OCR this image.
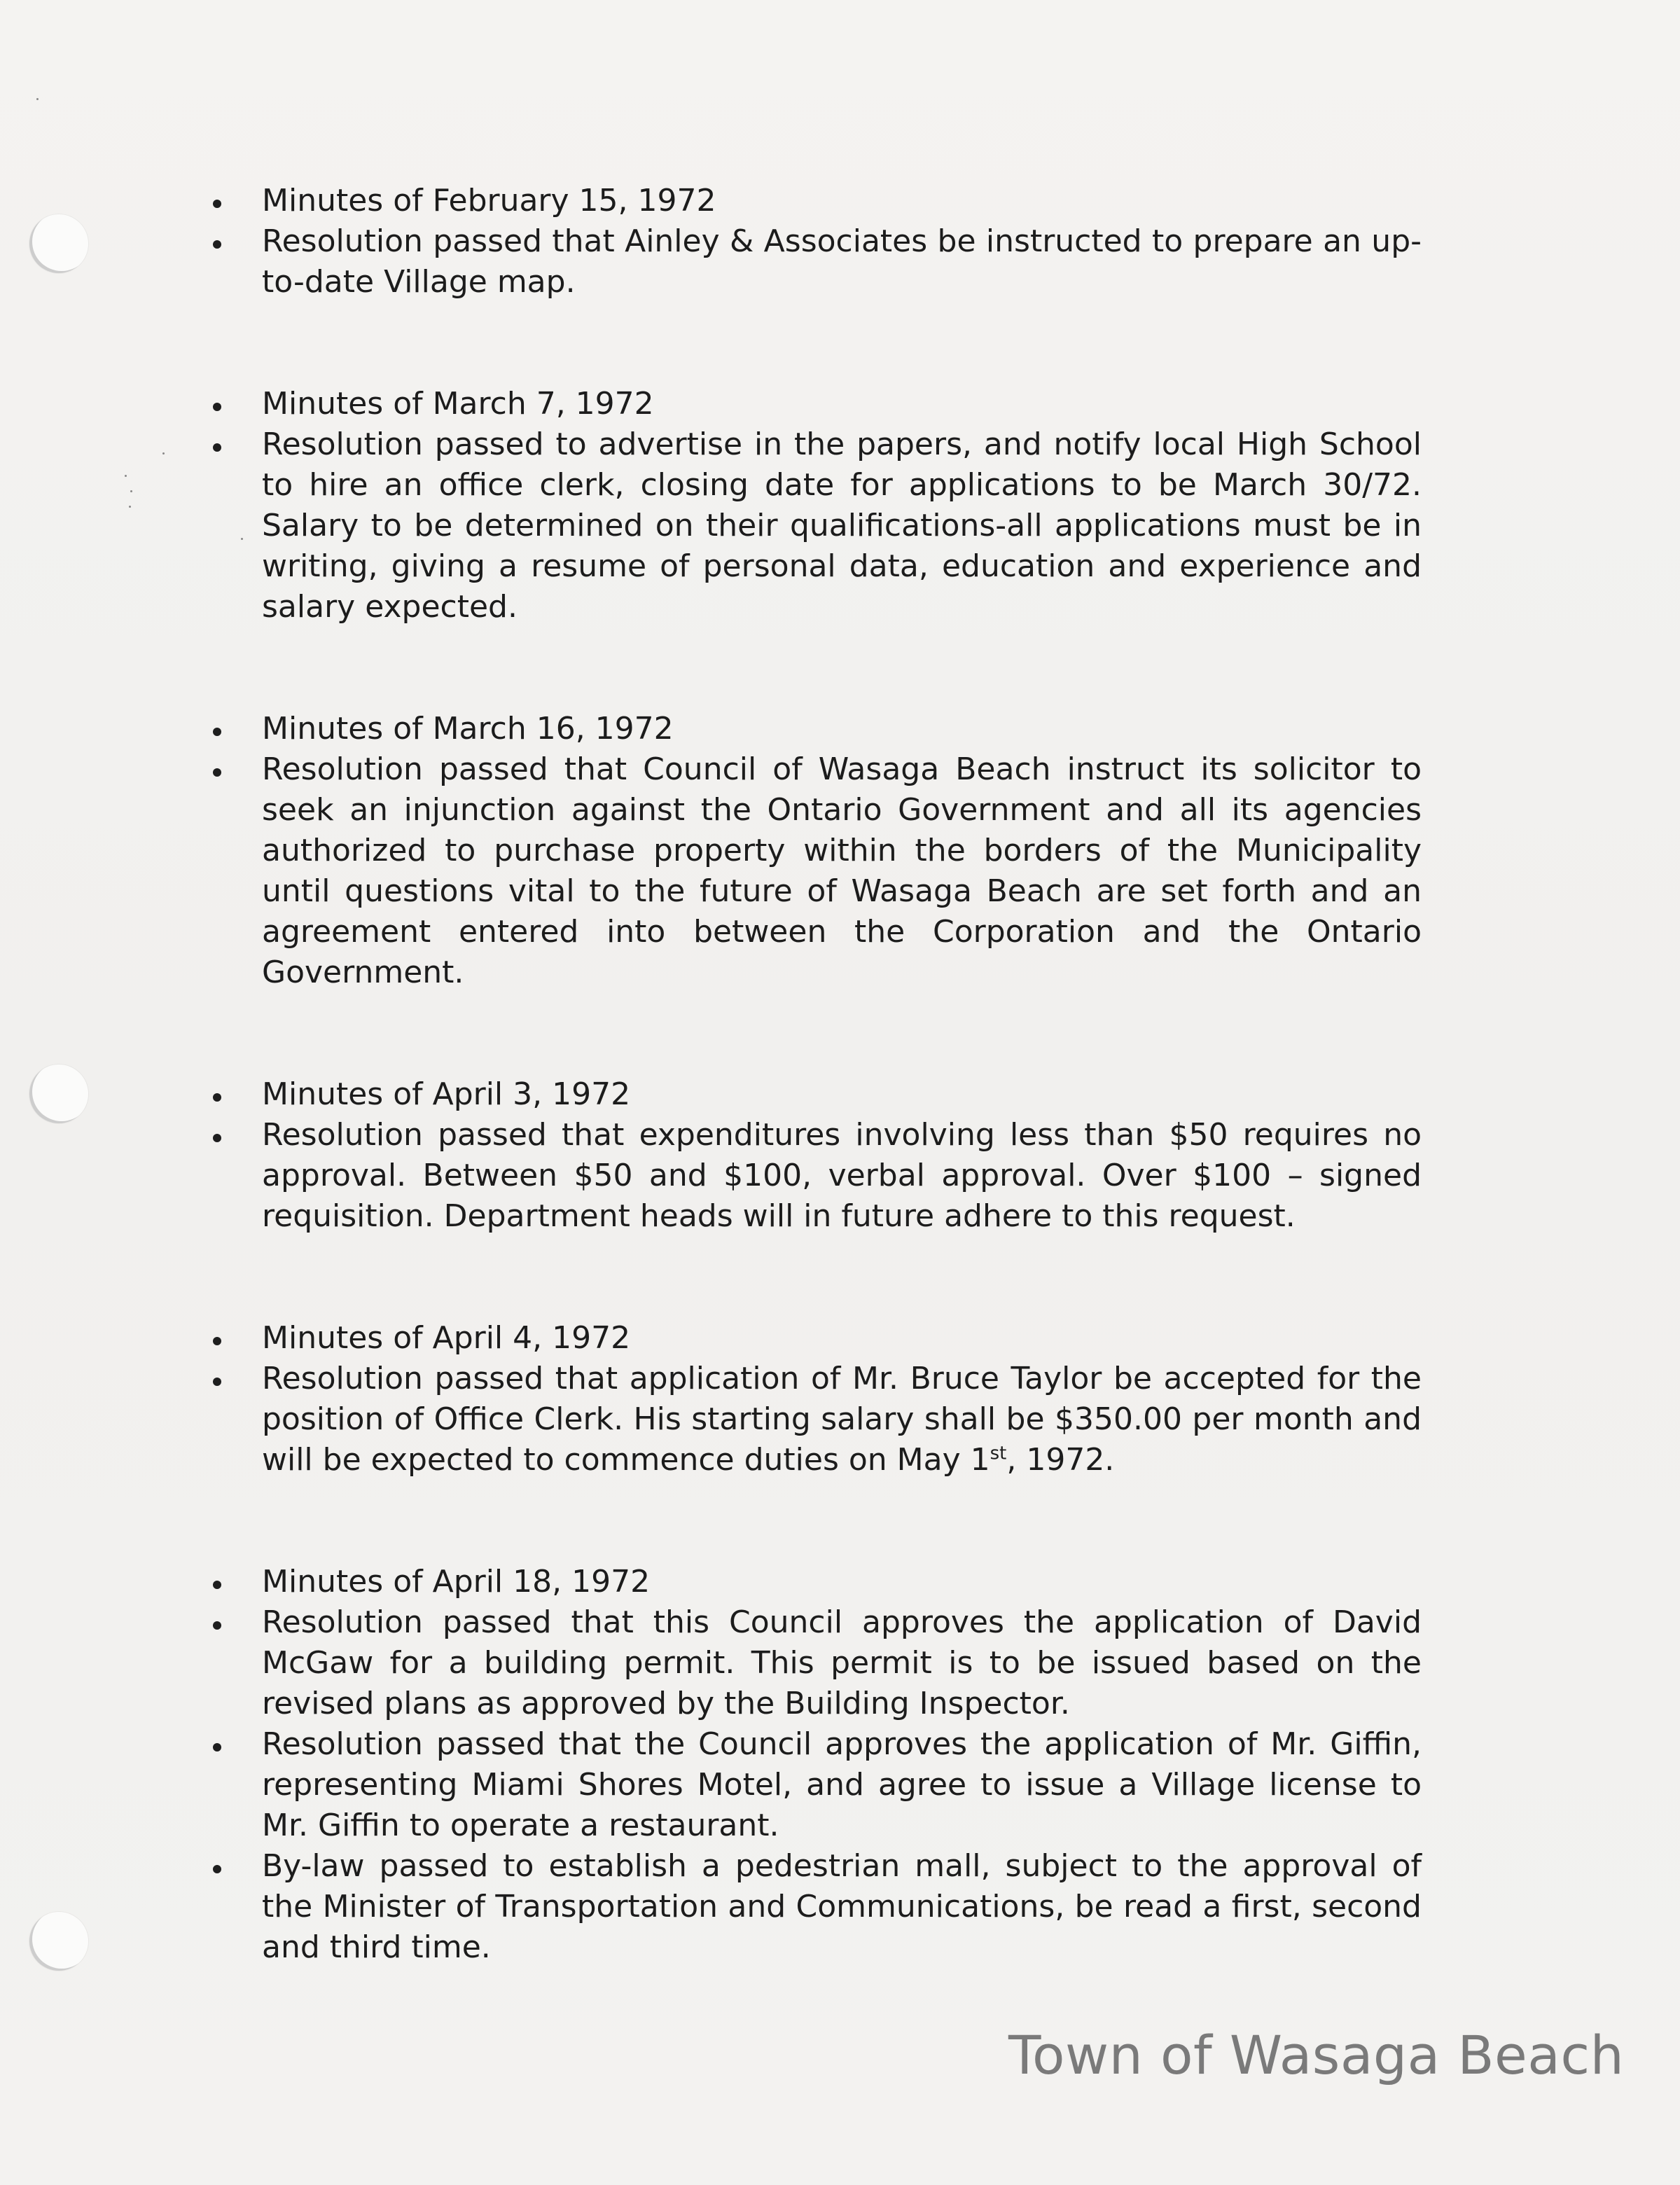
Minutes of February 15, 1972
Resolution passed that Ainley & Associates be instructed to prepare an up-to-date Village map.
Minutes of March 7, 1972
Resolution passed to advertise in the papers, and notify local High School to hire an office clerk, closing date for applications to be March 30/72. Salary to be determined on their qualifications-all applications must be in writing, giving a resume of personal data, education and experience and salary expected.
Minutes of March 16, 1972
Resolution passed that Council of Wasaga Beach instruct its solicitor to seek an injunction against the Ontario Government and all its agencies authorized to purchase property within the borders of the Municipality until questions vital to the future of Wasaga Beach are set forth and an agreement entered into between the Corporation and the Ontario Government.
Minutes of April 3, 1972
Resolution passed that expenditures involving less than $50 requires no approval. Between $50 and $100, verbal approval. Over $100 – signed requisition. Department heads will in future adhere to this request.
Minutes of April 4, 1972
Resolution passed that application of Mr. Bruce Taylor be accepted for the position of Office Clerk. His starting salary shall be $350.00 per month and will be expected to commence duties on May 1st, 1972.
Minutes of April 18, 1972
Resolution passed that this Council approves the application of David McGaw for a building permit. This permit is to be issued based on the revised plans as approved by the Building Inspector.
Resolution passed that the Council approves the application of Mr. Giffin, representing Miami Shores Motel, and agree to issue a Village license to Mr. Giffin to operate a restaurant.
By-law passed to establish a pedestrian mall, subject to the approval of the Minister of Transportation and Communications, be read a first, second and third time.
Town of Wasaga Beach
